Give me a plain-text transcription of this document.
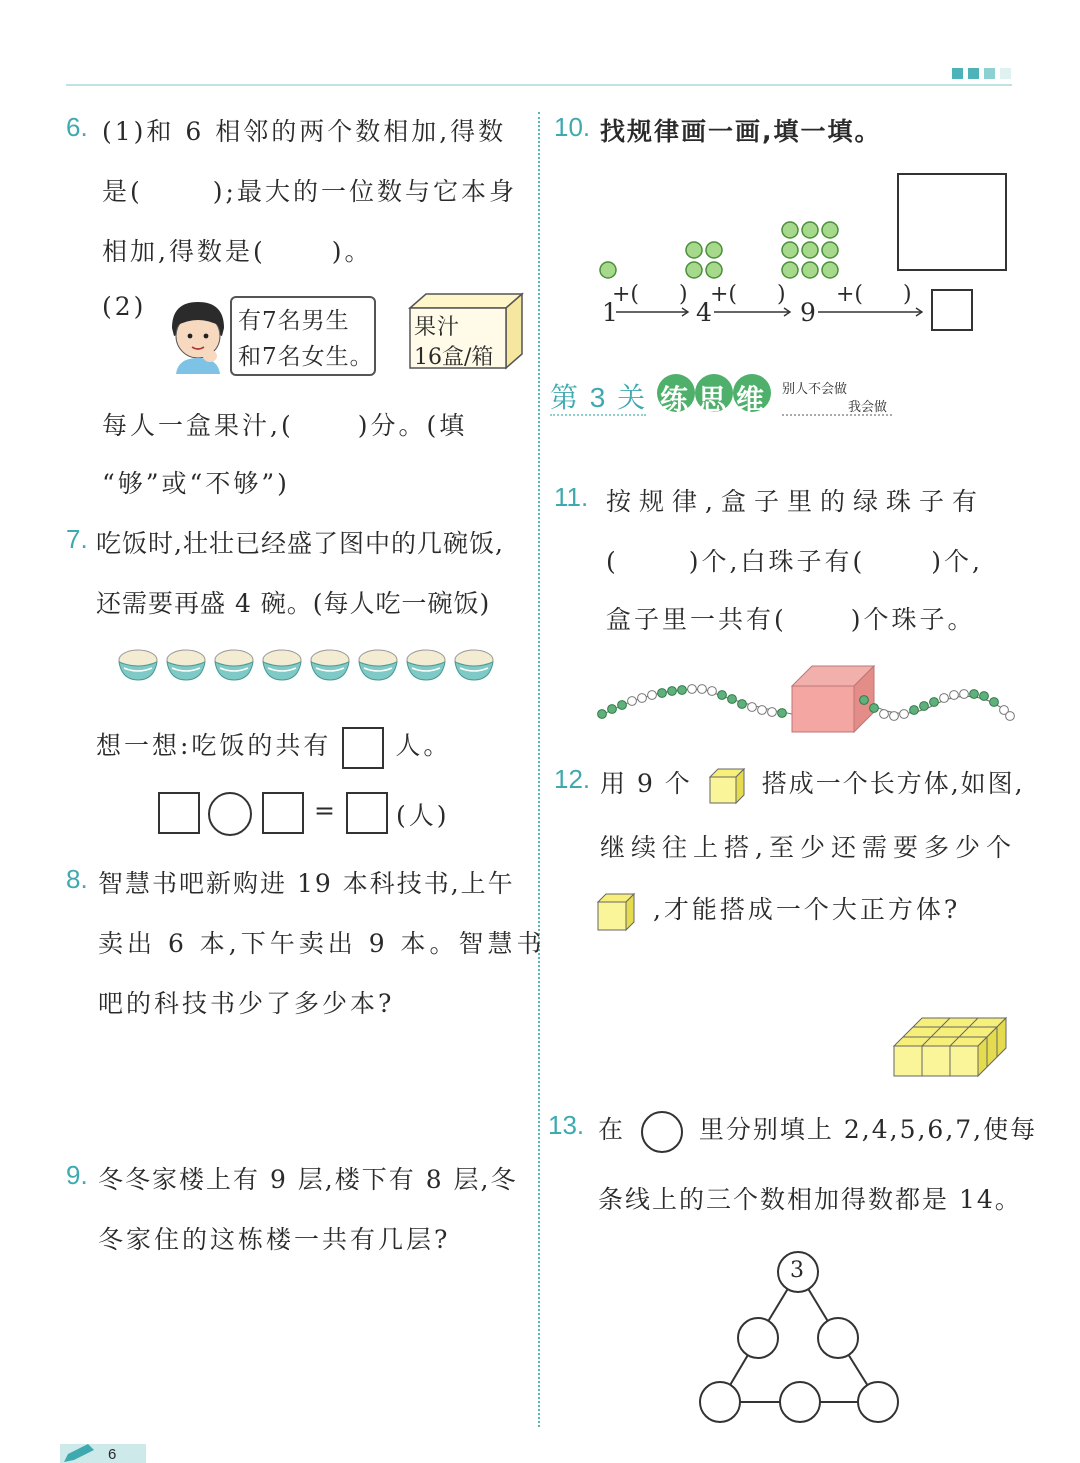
6. (1)和 6 相邻的两个数相加,得数
是(	);最大的一位数与它本身
相加,得数是(	)。
(2)	有7名男生
和7名女生。
果汁
16盒/箱
每人一盒果汁,(	)分。(填
“够”或“不够”)
7. 吃饭时,壮壮已经盛了图中的几碗饭,
还需要再盛 4 碗。(每人吃一碗饭)
想一想:吃饭的共有	人。
= (人)
8. 智慧书吧新购进 19 本科技书,上午
卖出 6 本,下午卖出 9 本。智慧书
吧的科技书少了多少本?
9. 冬冬家楼上有 9 层,楼下有 8 层,冬
冬家住的这栋楼一共有几层?
10. 找规律画一画,填一填。
1	4	9
+( ) +( ) +( )
第 3 关 练思维 别人不会做
我会做
11. 按规律,盒子里的绿珠子有
(	)个,白珠子有(	)个,
盒子里一共有(	)个珠子。
12. 用 9 个	搭成一个长方体,如图,
继续往上搭,至少还需要多少个
,才能搭成一个大正方体?
13. 在	里分别填上 2,4,5,6,7,使每
条线上的三个数相加得数都是 14。
3
6
